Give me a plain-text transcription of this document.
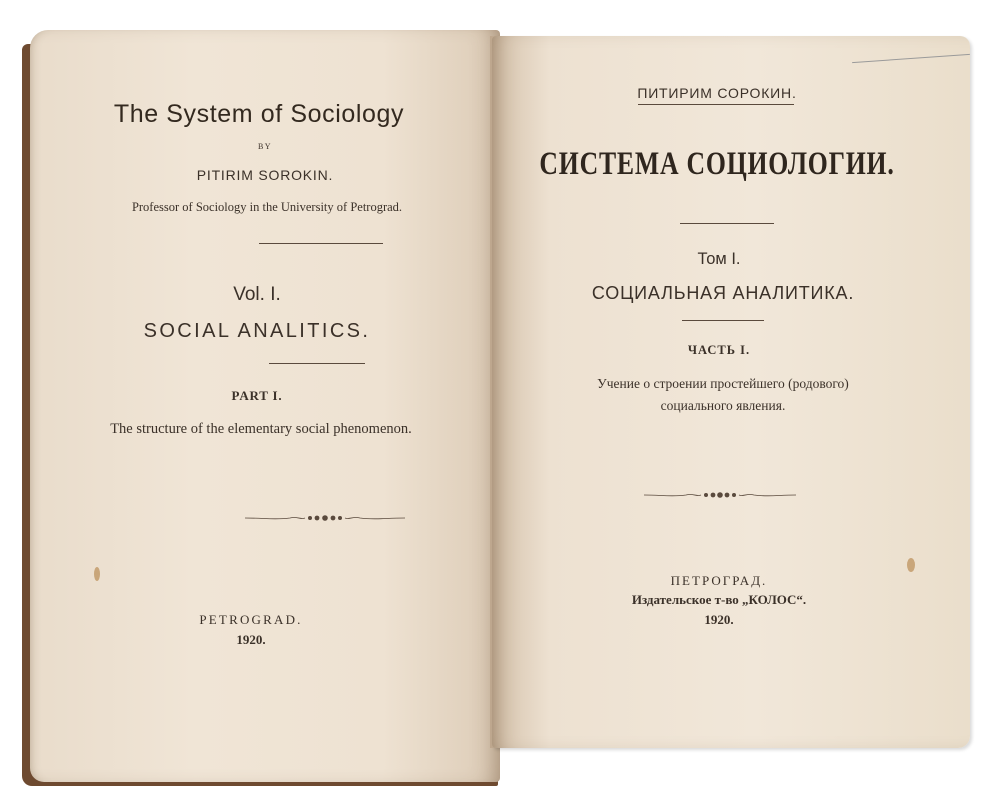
The System of Sociology
BY
PITIRIM SOROKIN.
Professor of Sociology in the University of Petrograd.
Vol. I.
SOCIAL ANALITICS.
PART I.
The structure of the elementary social phenomenon.
PETROGRAD.
1920.
ПИТИРИМ СОРОКИН.
СИСТЕМА СОЦИОЛОГИИ.
Том I.
СОЦИАЛЬНАЯ АНАЛИТИКА.
ЧАСТЬ I.
Учение о строении простейшего (родового)
социального явления.
ПЕТРОГРАД.
Издательское т-во „КОЛОС“.
1920.
